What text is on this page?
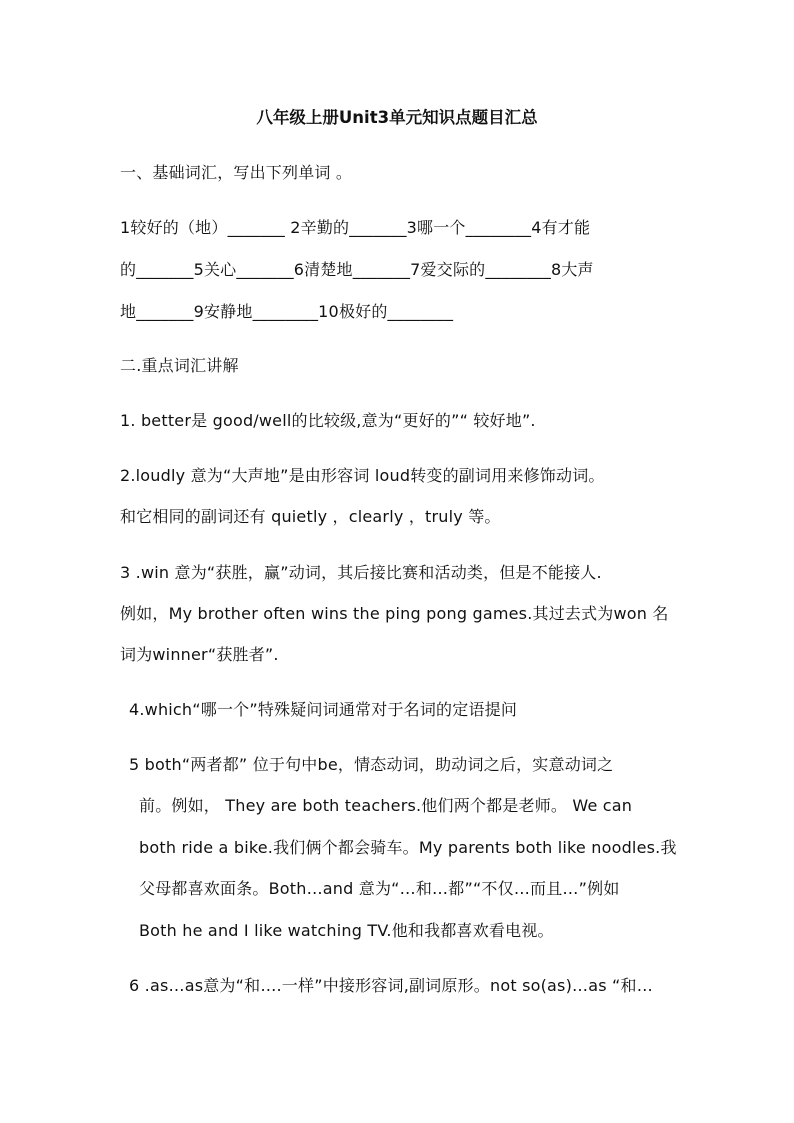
八年级上册Unit3单元知识点题目汇总
一、基础词汇，写出下列单词 。
1较好的（地）_______ 2辛勤的_______3哪一个________4有才能
的_______5关心_______6清楚地_______7爱交际的________8大声
地_______9安静地________10极好的________
二.重点词汇讲解
1. better是 good/well的比较级,意为“更好的”“ 较好地”.
2.loudly 意为“大声地”是由形容词 loud转变的副词用来修饰动词。
和它相同的副词还有 quietly ，clearly ，truly 等。
3 .win 意为“获胜，赢”动词，其后接比赛和活动类，但是不能接人.
例如，My brother often wins the ping pong games.其过去式为won 名
词为winner“获胜者”.
4.which“哪一个”特殊疑问词通常对于名词的定语提问
5 both“两者都” 位于句中be，情态动词，助动词之后，实意动词之
前。例如， They are both teachers.他们两个都是老师。 We can
both ride a bike.我们俩个都会骑车。My parents both like noodles.我
父母都喜欢面条。Both…and 意为“…和…都”“不仅…而且…”例如
Both he and I like watching TV.他和我都喜欢看电视。
6 .as…as意为“和….一样”中接形容词,副词原形。not so(as)…as “和…
